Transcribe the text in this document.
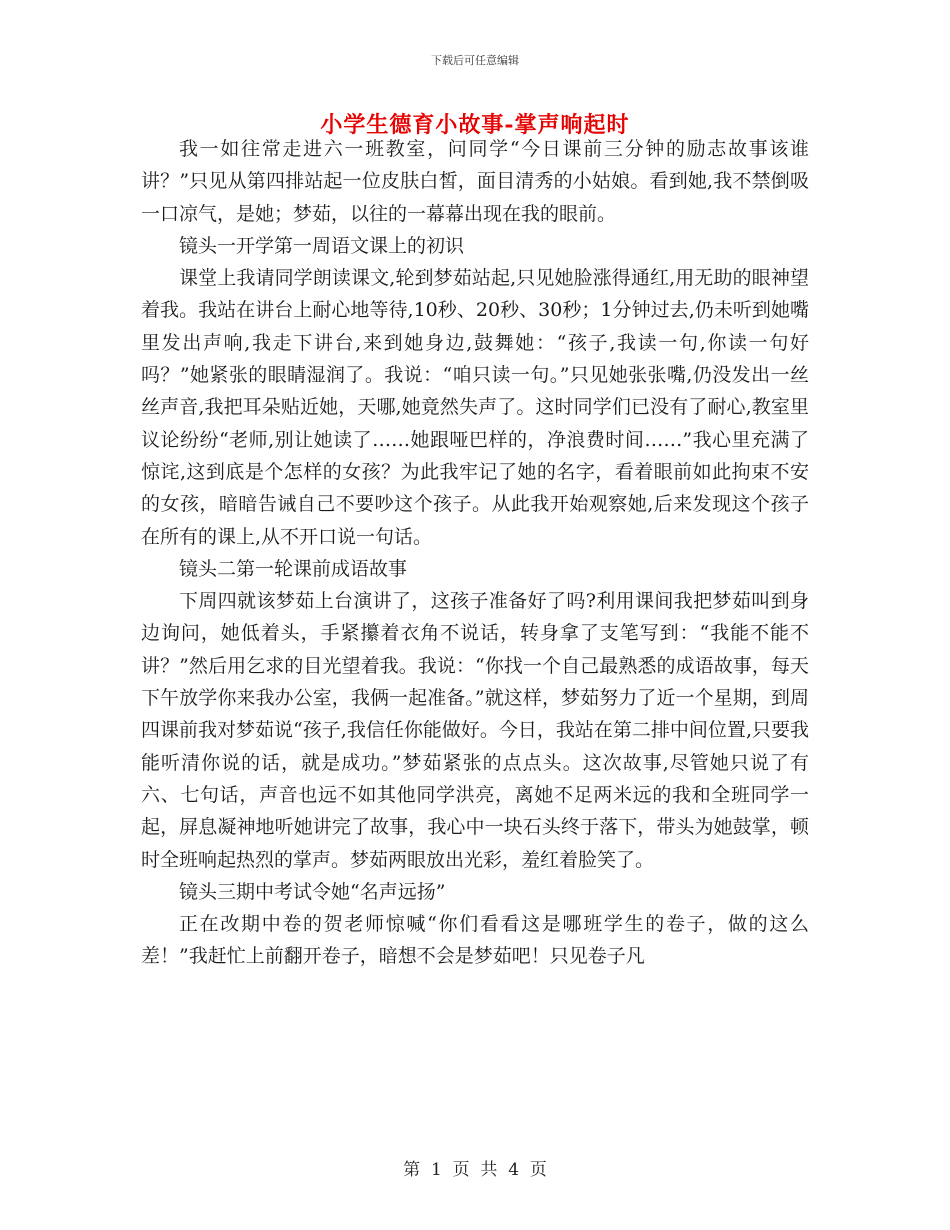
下载后可任意编辑
小学生德育小故事-掌声响起时

我一如往常走进六一班教室，问同学“今日课前三分钟的励志故事该谁讲？”只见从第四排站起一位皮肤白皙，面目清秀的小姑娘。看到她,我不禁倒吸一口凉气，是她；梦茹，以往的一幕幕出现在我的眼前。

镜头一开学第一周语文课上的初识

课堂上我请同学朗读课文,轮到梦茹站起,只见她脸涨得通红,用无助的眼神望着我。我站在讲台上耐心地等待,10秒、20秒、30秒；1分钟过去,仍未听到她嘴里发出声响,我走下讲台,来到她身边,鼓舞她：“孩子,我读一句,你读一句好吗？”她紧张的眼睛湿润了。我说：“咱只读一句。”只见她张张嘴,仍没发出一丝丝声音,我把耳朵贴近她，天哪,她竟然失声了。这时同学们已没有了耐心,教室里议论纷纷“老师,别让她读了……她跟哑巴样的，净浪费时间……”我心里充满了惊诧,这到底是个怎样的女孩？为此我牢记了她的名字，看着眼前如此拘束不安的女孩，暗暗告诫自己不要吵这个孩子。从此我开始观察她,后来发现这个孩子在所有的课上,从不开口说一句话。

镜头二第一轮课前成语故事

下周四就该梦茹上台演讲了，这孩子准备好了吗?利用课间我把梦茹叫到身边询问，她低着头，手紧攥着衣角不说话，转身拿了支笔写到：“我能不能不讲？”然后用乞求的目光望着我。我说：“你找一个自己最熟悉的成语故事，每天下午放学你来我办公室，我俩一起准备。”就这样，梦茹努力了近一个星期，到周四课前我对梦茹说“孩子,我信任你能做好。今日，我站在第二排中间位置,只要我能听清你说的话，就是成功。”梦茹紧张的点点头。这次故事,尽管她只说了有六、七句话，声音也远不如其他同学洪亮，离她不足两米远的我和全班同学一起，屏息凝神地听她讲完了故事，我心中一块石头终于落下，带头为她鼓掌，顿时全班响起热烈的掌声。梦茹两眼放出光彩，羞红着脸笑了。

镜头三期中考试令她“名声远扬”

正在改期中卷的贺老师惊喊“你们看看这是哪班学生的卷子，做的这么差！”我赶忙上前翻开卷子，暗想不会是梦茹吧！只见卷子凡

第  1  页  共  4  页
